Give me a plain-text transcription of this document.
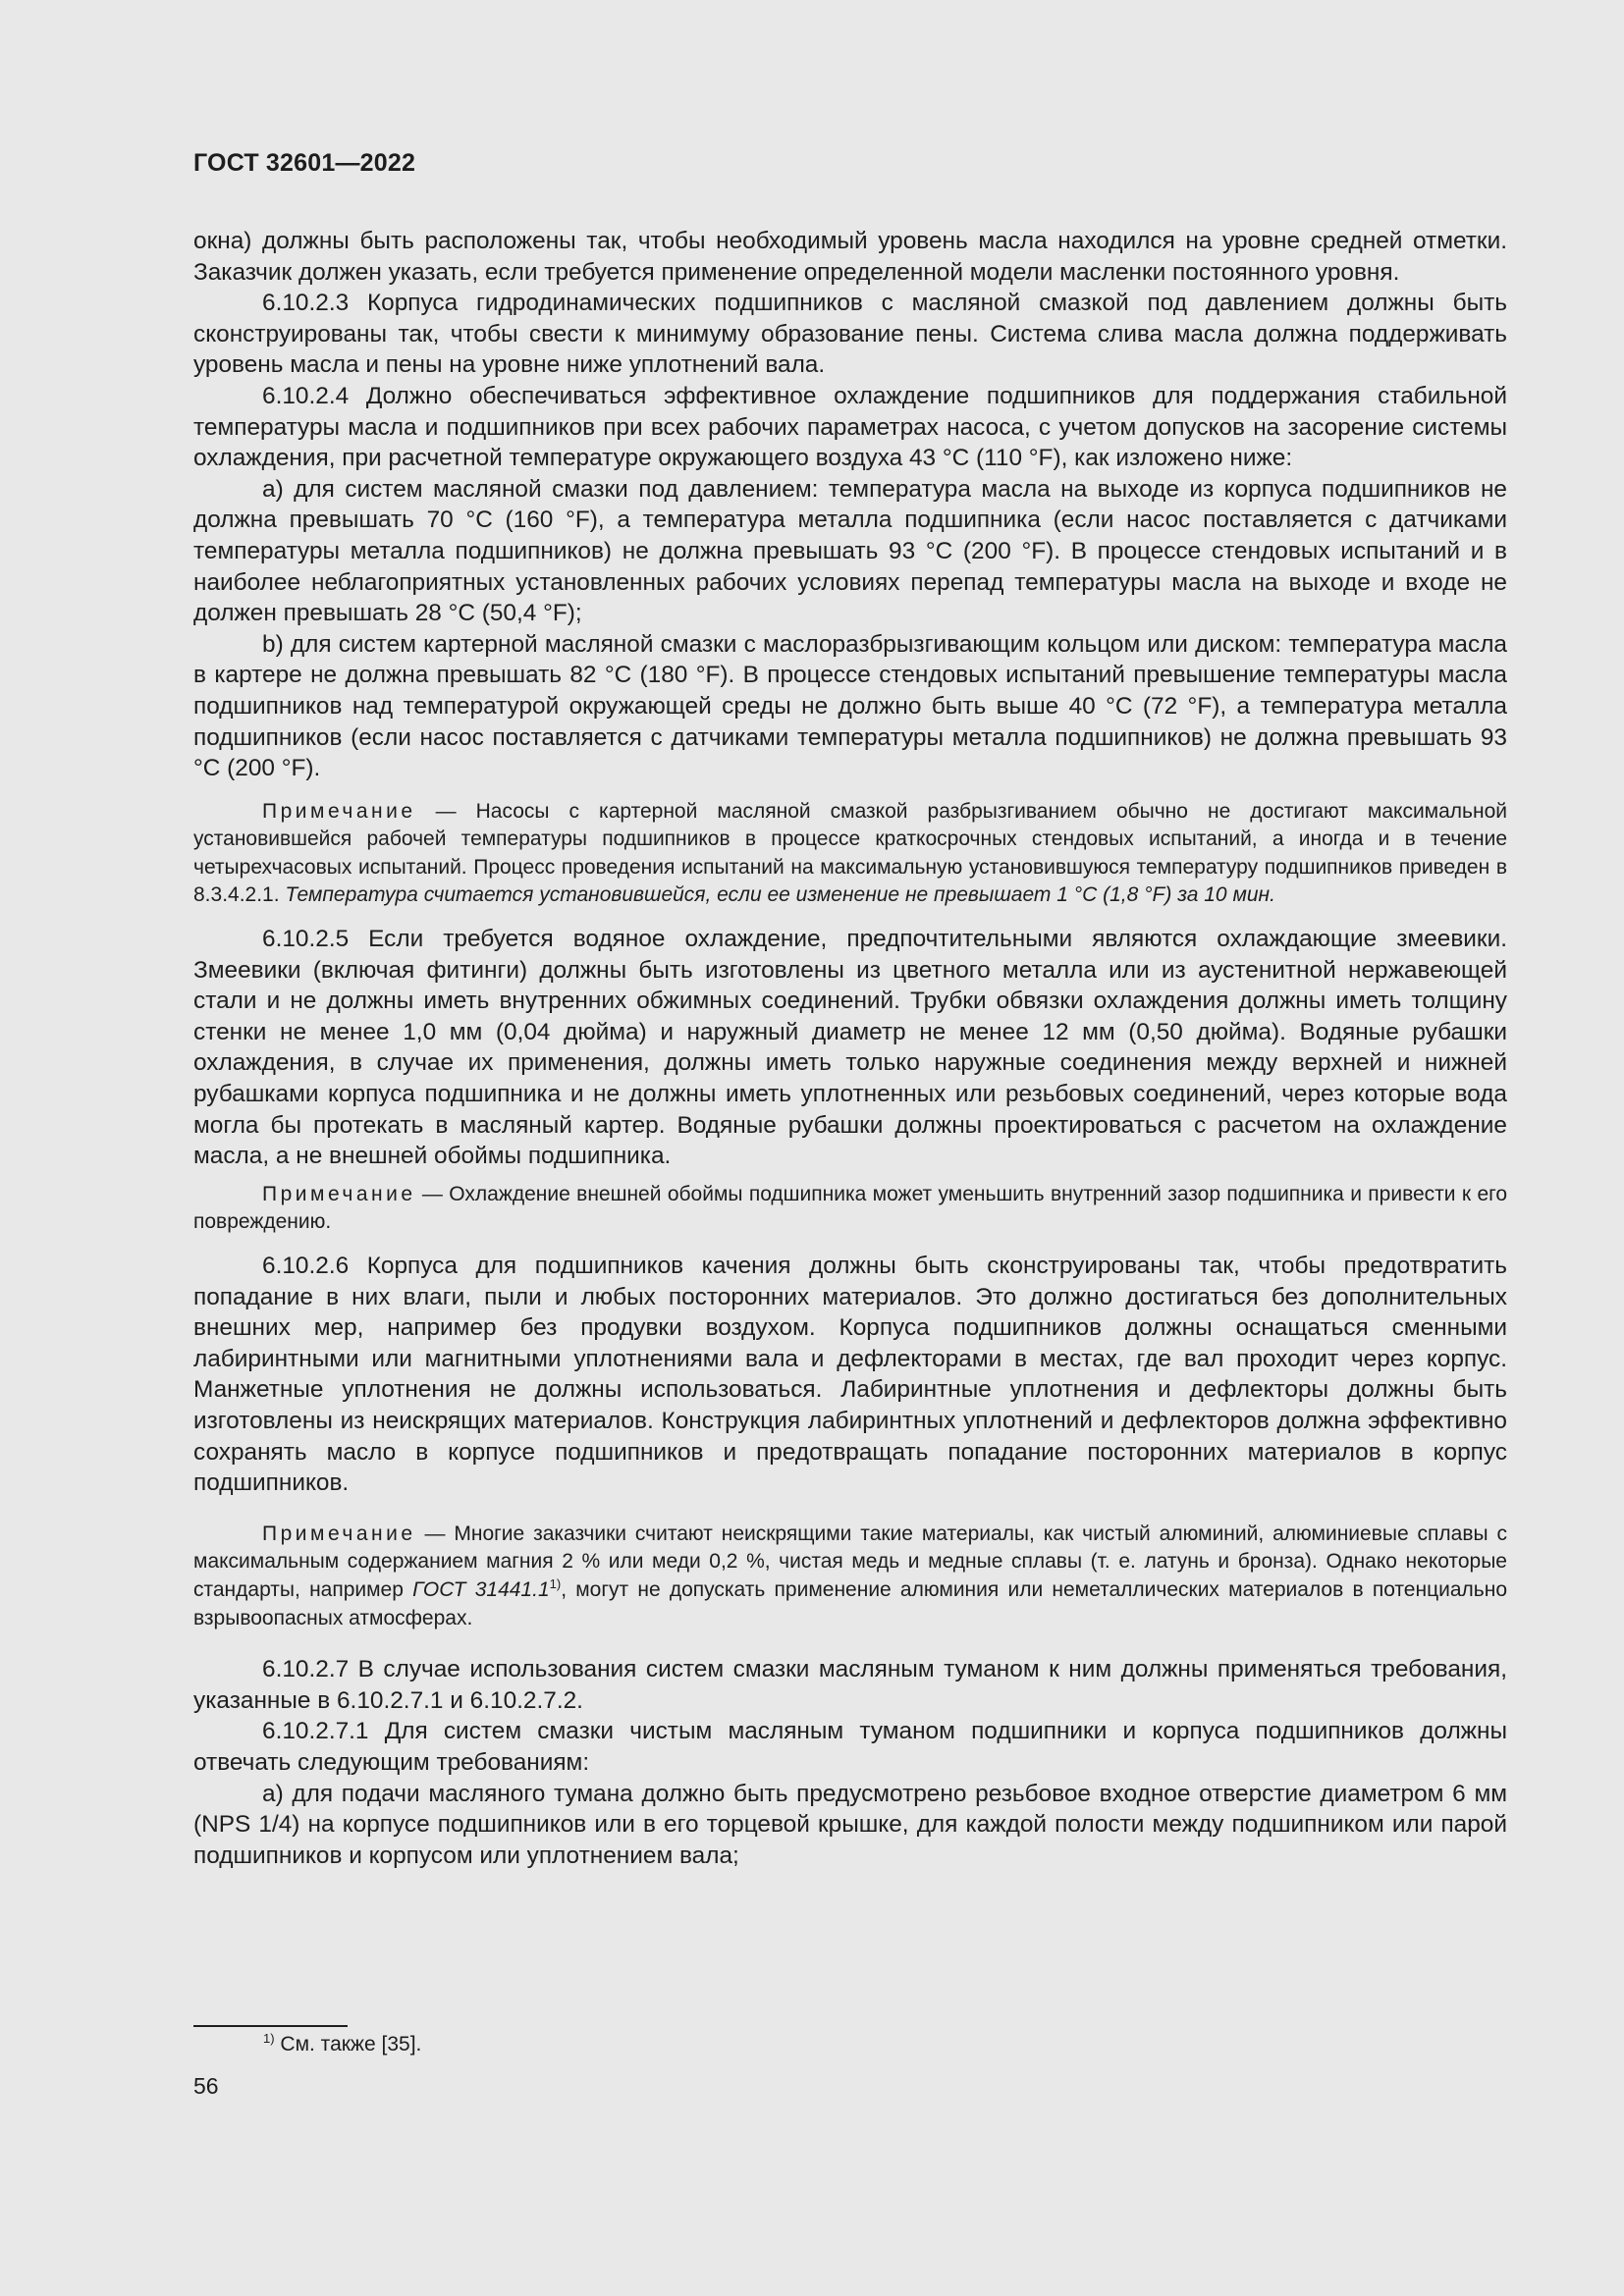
ГОСТ 32601—2022

окна) должны быть расположены так, чтобы необходимый уровень масла находился на уровне средней отметки. Заказчик должен указать, если требуется применение определенной модели масленки постоянного уровня.

6.10.2.3 Корпуса гидродинамических подшипников с масляной смазкой под давлением должны быть сконструированы так, чтобы свести к минимуму образование пены. Система слива масла должна поддерживать уровень масла и пены на уровне ниже уплотнений вала.

6.10.2.4 Должно обеспечиваться эффективное охлаждение подшипников для поддержания стабильной температуры масла и подшипников при всех рабочих параметрах насоса, с учетом допусков на засорение системы охлаждения, при расчетной температуре окружающего воздуха 43 °C (110 °F), как изложено ниже:

a) для систем масляной смазки под давлением: температура масла на выходе из корпуса подшипников не должна превышать 70 °C (160 °F), а температура металла подшипника (если насос поставляется с датчиками температуры металла подшипников) не должна превышать 93 °C (200 °F). В процессе стендовых испытаний и в наиболее неблагоприятных установленных рабочих условиях перепад температуры масла на выходе и входе не должен превышать 28 °C (50,4 °F);

b) для систем картерной масляной смазки с маслоразбрызгивающим кольцом или диском: температура масла в картере не должна превышать 82 °C (180 °F). В процессе стендовых испытаний превышение температуры масла подшипников над температурой окружающей среды не должно быть выше 40 °C (72 °F), а температура металла подшипников (если насос поставляется с датчиками температуры металла подшипников) не должна превышать 93 °C (200 °F).

Примечание — Насосы с картерной масляной смазкой разбрызгиванием обычно не достигают максимальной установившейся рабочей температуры подшипников в процессе краткосрочных стендовых испытаний, а иногда и в течение четырехчасовых испытаний. Процесс проведения испытаний на максимальную установившуюся температуру подшипников приведен в 8.3.4.2.1. Температура считается установившейся, если ее изменение не превышает 1 °С (1,8 °F) за 10 мин.

6.10.2.5 Если требуется водяное охлаждение, предпочтительными являются охлаждающие змеевики. Змеевики (включая фитинги) должны быть изготовлены из цветного металла или из аустенитной нержавеющей стали и не должны иметь внутренних обжимных соединений. Трубки обвязки охлаждения должны иметь толщину стенки не менее 1,0 мм (0,04 дюйма) и наружный диаметр не менее 12 мм (0,50 дюйма). Водяные рубашки охлаждения, в случае их применения, должны иметь только наружные соединения между верхней и нижней рубашками корпуса подшипника и не должны иметь уплотненных или резьбовых соединений, через которые вода могла бы протекать в масляный картер. Водяные рубашки должны проектироваться с расчетом на охлаждение масла, а не внешней обоймы подшипника.

Примечание — Охлаждение внешней обоймы подшипника может уменьшить внутренний зазор подшипника и привести к его повреждению.

6.10.2.6 Корпуса для подшипников качения должны быть сконструированы так, чтобы предотвратить попадание в них влаги, пыли и любых посторонних материалов. Это должно достигаться без дополнительных внешних мер, например без продувки воздухом. Корпуса подшипников должны оснащаться сменными лабиринтными или магнитными уплотнениями вала и дефлекторами в местах, где вал проходит через корпус. Манжетные уплотнения не должны использоваться. Лабиринтные уплотнения и дефлекторы должны быть изготовлены из неискрящих материалов. Конструкция лабиринтных уплотнений и дефлекторов должна эффективно сохранять масло в корпусе подшипников и предотвращать попадание посторонних материалов в корпус подшипников.

Примечание — Многие заказчики считают неискрящими такие материалы, как чистый алюминий, алюминиевые сплавы с максимальным содержанием магния 2 % или меди 0,2 %, чистая медь и медные сплавы (т. е. латунь и бронза). Однако некоторые стандарты, например ГОСТ 31441.1$^{1)}$, могут не допускать применение алюминия или неметаллических материалов в потенциально взрывоопасных атмосферах.

6.10.2.7 В случае использования систем смазки масляным туманом к ним должны применяться требования, указанные в 6.10.2.7.1 и 6.10.2.7.2.

6.10.2.7.1 Для систем смазки чистым масляным туманом подшипники и корпуса подшипников должны отвечать следующим требованиям:

a) для подачи масляного тумана должно быть предусмотрено резьбовое входное отверстие диаметром 6 мм (NPS 1/4) на корпусе подшипников или в его торцевой крышке, для каждой полости между подшипником или парой подшипников и корпусом или уплотнением вала;

$^{1)}$ См. также [35].
56
